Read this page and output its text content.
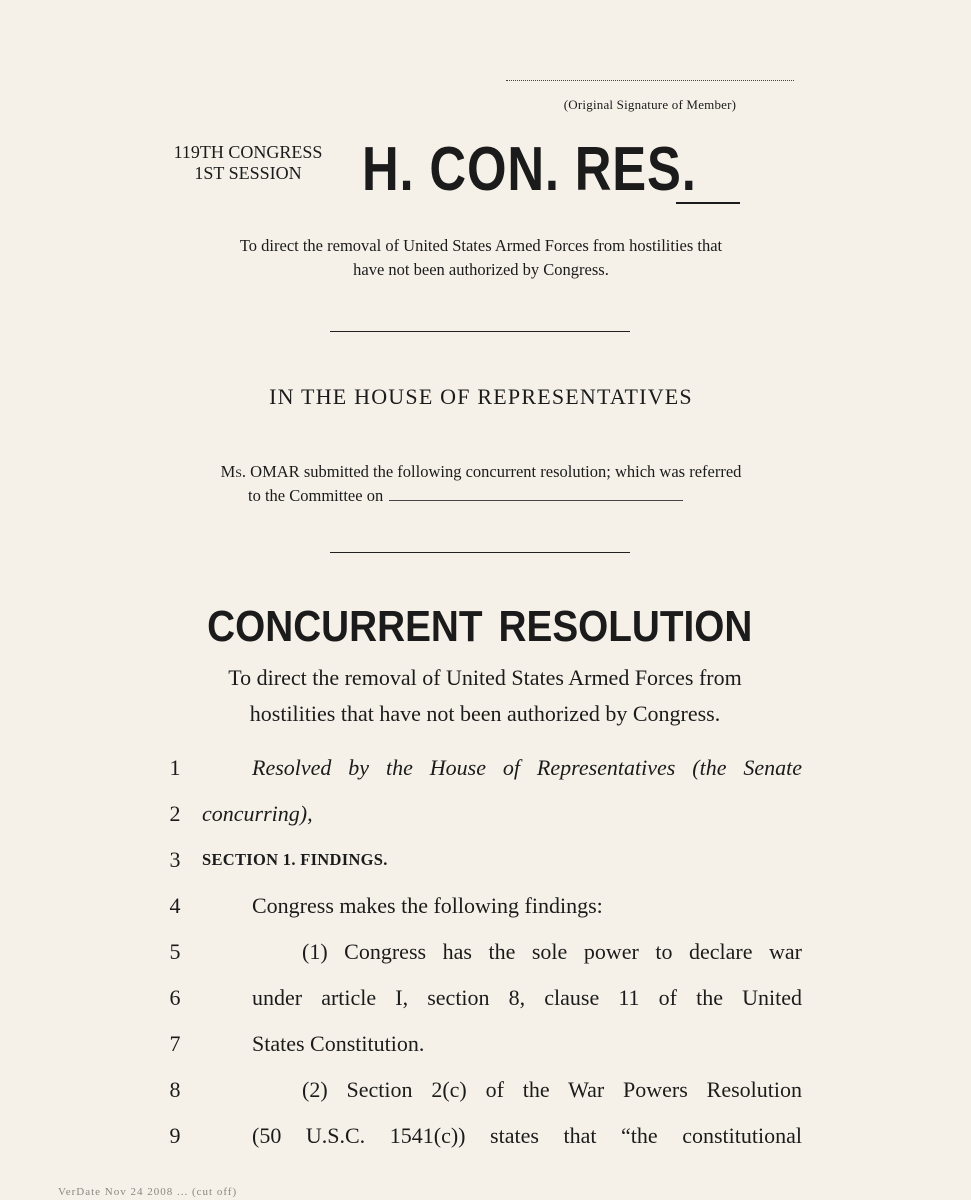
(Original Signature of Member)
119TH CONGRESS
1ST SESSION H. CON. RES.
To direct the removal of United States Armed Forces from hostilities that
have not been authorized by Congress.
IN THE HOUSE OF REPRESENTATIVES
Ms. OMAR submitted the following concurrent resolution; which was referred
to the Committee on
CONCURRENT RESOLUTION
To direct the removal of United States Armed Forces from
hostilities that have not been authorized by Congress.
1	Resolved by the House of Representatives (the Senate
2 concurring),
3	SECTION 1. FINDINGS.
4	Congress makes the following findings:
5	(1) Congress has the sole power to declare war
6	under article I, section 8, clause 11 of the United
7	States Constitution.
8	(2) Section 2(c) of the War Powers Resolution
9	(50 U.S.C. 1541(c)) states that “the constitutional
VerDate Nov 24 2008 ... (cut off)
